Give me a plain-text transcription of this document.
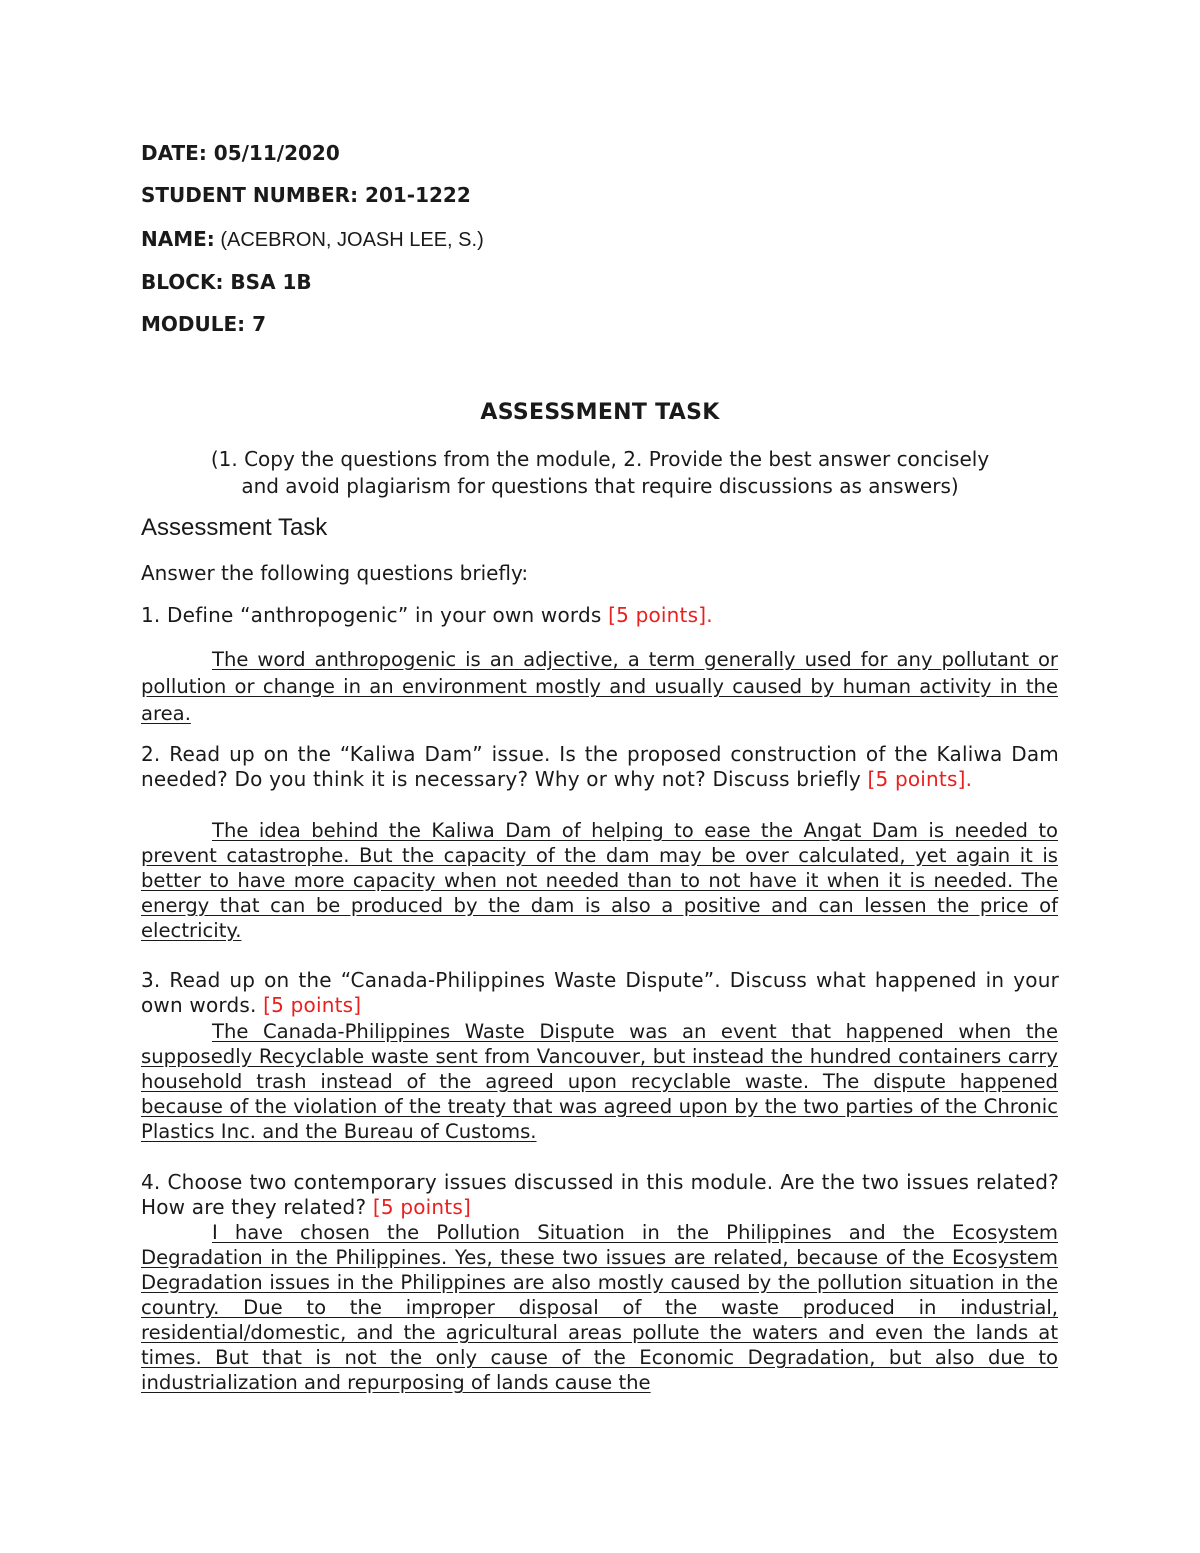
DATE: 05/11/2020
STUDENT NUMBER: 201-1222
NAME: (ACEBRON, JOASH LEE, S.)
BLOCK: BSA 1B
MODULE: 7
ASSESSMENT TASK
(1. Copy the questions from the module, 2. Provide the best answer concisely and avoid plagiarism for questions that require discussions as answers)
Assessment Task
Answer the following questions briefly:
1. Define “anthropogenic” in your own words [5 points].
The word anthropogenic is an adjective, a term generally used for any pollutant or pollution or change in an environment mostly and usually caused by human activity in the area.
2. Read up on the “Kaliwa Dam” issue. Is the proposed construction of the Kaliwa Dam needed? Do you think it is necessary? Why or why not? Discuss briefly [5 points].
The idea behind the Kaliwa Dam of helping to ease the Angat Dam is needed to prevent catastrophe. But the capacity of the dam may be over calculated, yet again it is better to have more capacity when not needed than to not have it when it is needed. The energy that can be produced by the dam is also a positive and can lessen the price of electricity.
3. Read up on the “Canada-Philippines Waste Dispute”. Discuss what happened in your own words. [5 points]
The Canada-Philippines Waste Dispute was an event that happened when the supposedly Recyclable waste sent from Vancouver, but instead the hundred containers carry household trash instead of the agreed upon recyclable waste. The dispute happened because of the violation of the treaty that was agreed upon by the two parties of the Chronic Plastics Inc. and the Bureau of Customs.
4. Choose two contemporary issues discussed in this module. Are the two issues related? How are they related? [5 points]
I have chosen the Pollution Situation in the Philippines and the Ecosystem Degradation in the Philippines. Yes, these two issues are related, because of the Ecosystem Degradation issues in the Philippines are also mostly caused by the pollution situation in the country. Due to the improper disposal of the waste produced in industrial, residential/domestic, and the agricultural areas pollute the waters and even the lands at times. But that is not the only cause of the Economic Degradation, but also due to industrialization and repurposing of lands cause the
